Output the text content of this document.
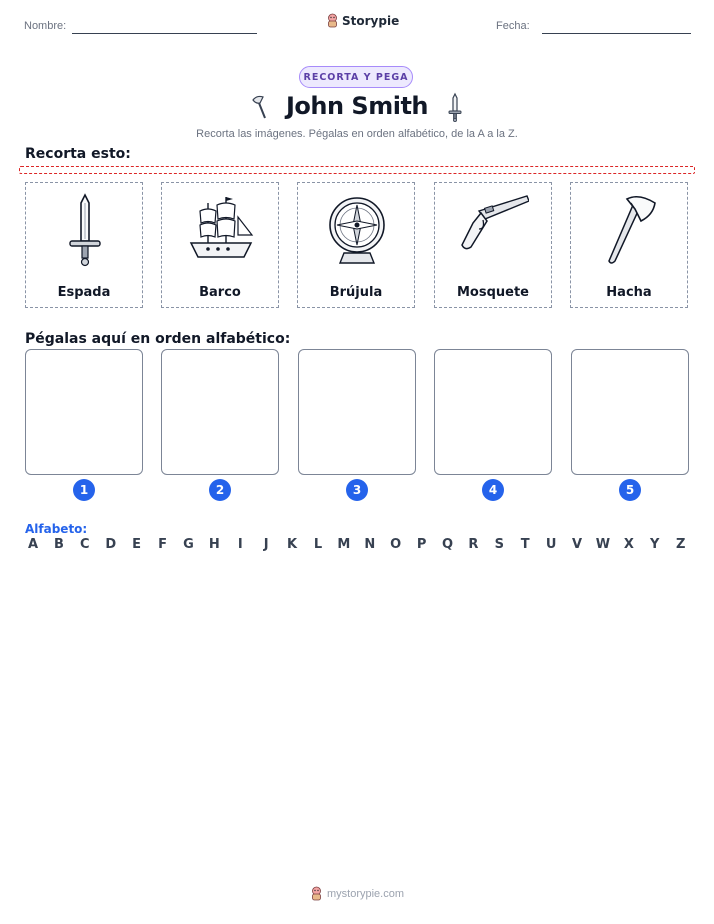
Nombre:	Storypie	Fecha:
RECORTA Y PEGA
John Smith
Recorta las imágenes. Pégalas en orden alfabético, de la A a la Z.
Recorta esto:
Espada	Barco	Brújula	Mosquete	Hacha
Pégalas aquí en orden alfabético:
1	2	3	4	5
Alfabeto:
A B C D E F G H	I	J	K L M N O P Q R S T U V W X Y Z
mystorypie.com
